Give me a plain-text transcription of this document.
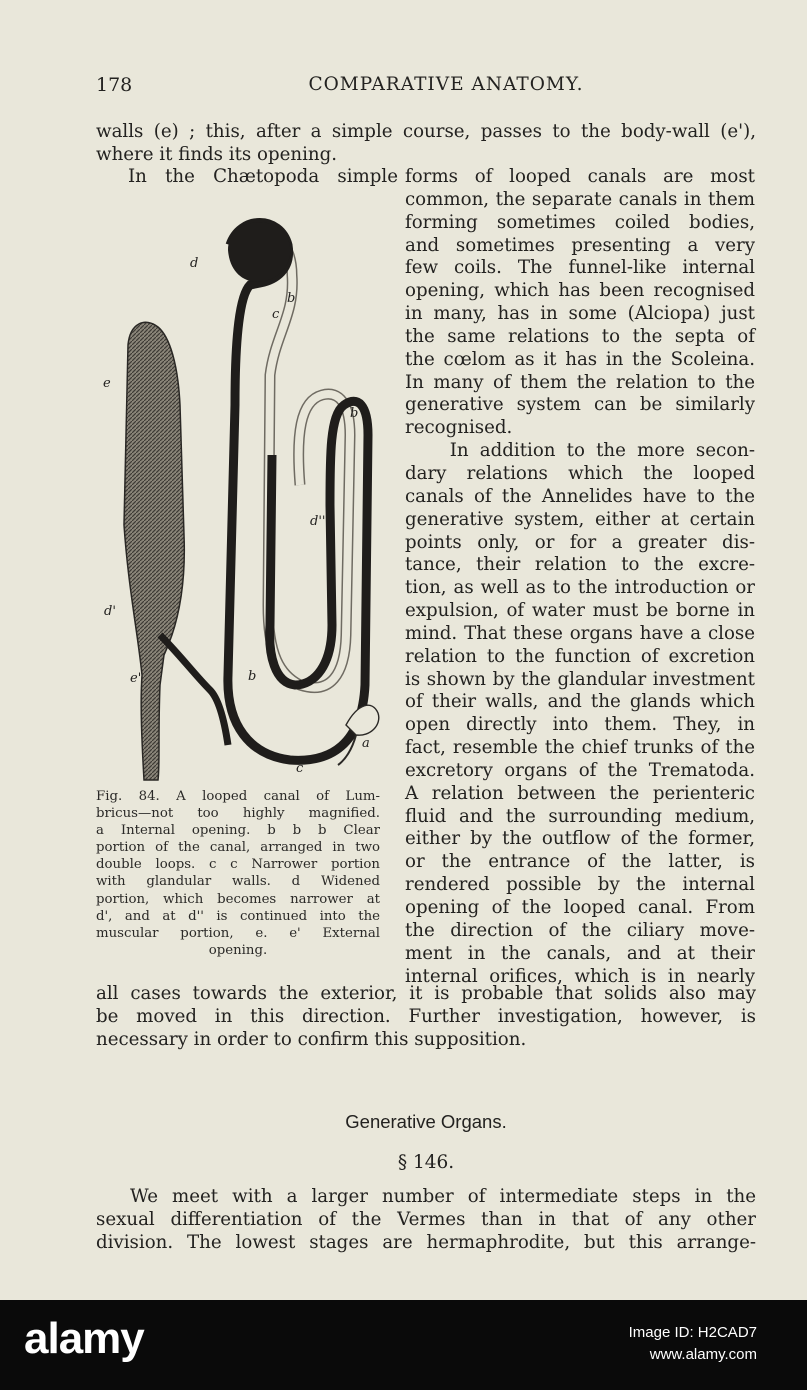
178	COMPARATIVE ANATOMY.
walls (e) ; this, after a simple course, passes to the body-wall (e'),
where it finds its opening.
In the Chætopoda simple forms of looped canals are most
common, the separate canals in them
forming sometimes coiled bodies,
and sometimes presenting a very
few coils. The funnel-like internal
opening, which has been recognised
in many, has in some (Alciopa) just
the same relations to the septa of
the cœlom as it has in the Scoleina.
In many of them the relation to the
generative system can be similarly
recognised.
In addition to the more secon-
dary relations which the looped
canals of the Annelides have to the
generative system, either at certain
points only, or for a greater dis-
tance, their relation to the excre-
tion, as well as to the introduction or
expulsion, of water must be borne in
mind. That these organs have a close
relation to the function of excretion
is shown by the glandular investment
of their walls, and the glands which
open directly into them. They, in
fact, resemble the chief trunks of the
excretory organs of the Trematoda.
A relation between the perienteric
fluid and the surrounding medium,
either by the outflow of the former,
or the entrance of the latter, is
rendered possible by the internal
opening of the looped canal. From
the direction of the ciliary move-
ment in the canals, and at their
internal orifices, which is in nearly
d
b
c
e
b
d''
d'
e'	b
a
c
Fig. 84. A looped canal of Lum-
bricus—not too highly magnified.
a Internal opening. b b b Clear
portion of the canal, arranged in two
double loops. c c Narrower portion
with glandular walls. d Widened
portion, which becomes narrower at
d', and at d'' is continued into the
muscular portion, e. e' External
opening.
all cases towards the exterior, it is probable that solids also may
be moved in this direction. Further investigation, however, is
necessary in order to confirm this supposition.
Generative Organs.
§ 146.
We meet with a larger number of intermediate steps in the
sexual differentiation of the Vermes than in that of any other
division. The lowest stages are hermaphrodite, but this arrange-
alamy	Image ID: H2CAD7
www.alamy.com
